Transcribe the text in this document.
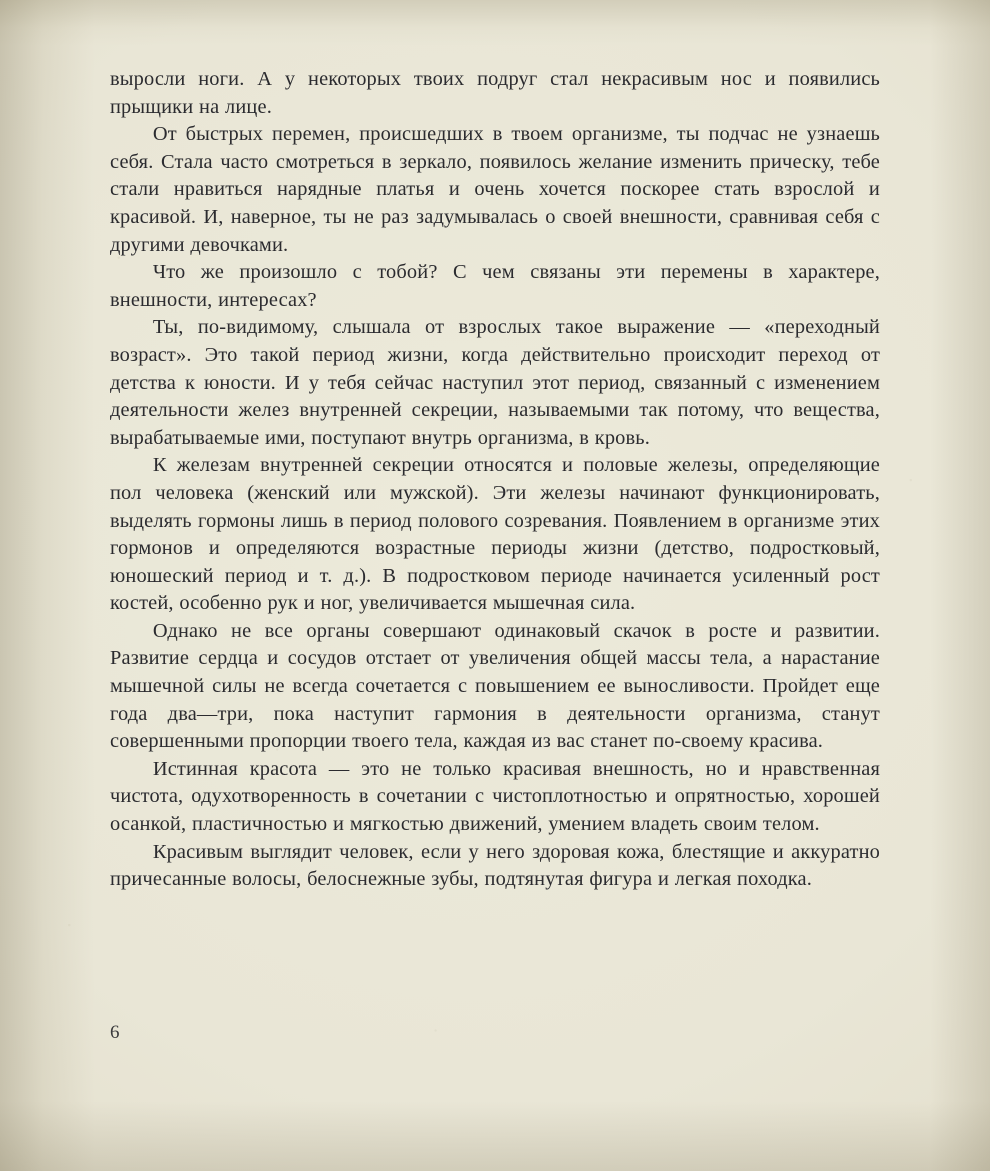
выросли ноги. А у некоторых твоих подруг стал некрасивым нос и появились прыщики на лице.

От быстрых перемен, происшедших в твоем организме, ты подчас не узнаешь себя. Стала часто смотреться в зеркало, появилось желание изменить прическу, тебе стали нравиться нарядные платья и очень хочется поскорее стать взрослой и красивой. И, наверное, ты не раз задумывалась о своей внешности, сравнивая себя с другими девочками.

Что же произошло с тобой? С чем связаны эти перемены в характере, внешности, интересах?

Ты, по-видимому, слышала от взрослых такое выражение — «переходный возраст». Это такой период жизни, когда действительно происходит переход от детства к юности. И у тебя сейчас наступил этот период, связанный с изменением деятельности желез внутренней секреции, называемыми так потому, что вещества, вырабатываемые ими, поступают внутрь организма, в кровь.

К железам внутренней секреции относятся и половые железы, определяющие пол человека (женский или мужской). Эти железы начинают функционировать, выделять гормоны лишь в период полового созревания. Появлением в организме этих гормонов и определяются возрастные периоды жизни (детство, подростковый, юношеский период и т. д.). В подростковом периоде начинается усиленный рост костей, особенно рук и ног, увеличивается мышечная сила.

Однако не все органы совершают одинаковый скачок в росте и развитии. Развитие сердца и сосудов отстает от увеличения общей массы тела, а нарастание мышечной силы не всегда сочетается с повышением ее выносливости. Пройдет еще года два—три, пока наступит гармония в деятельности организма, станут совершенными пропорции твоего тела, каждая из вас станет по-своему красива.

Истинная красота — это не только красивая внешность, но и нравственная чистота, одухотворенность в сочетании с чистоплотностью и опрятностью, хорошей осанкой, пластичностью и мягкостью движений, умением владеть своим телом.

Красивым выглядит человек, если у него здоровая кожа, блестящие и аккуратно причесанные волосы, белоснежные зубы, подтянутая фигура и легкая походка.

6
